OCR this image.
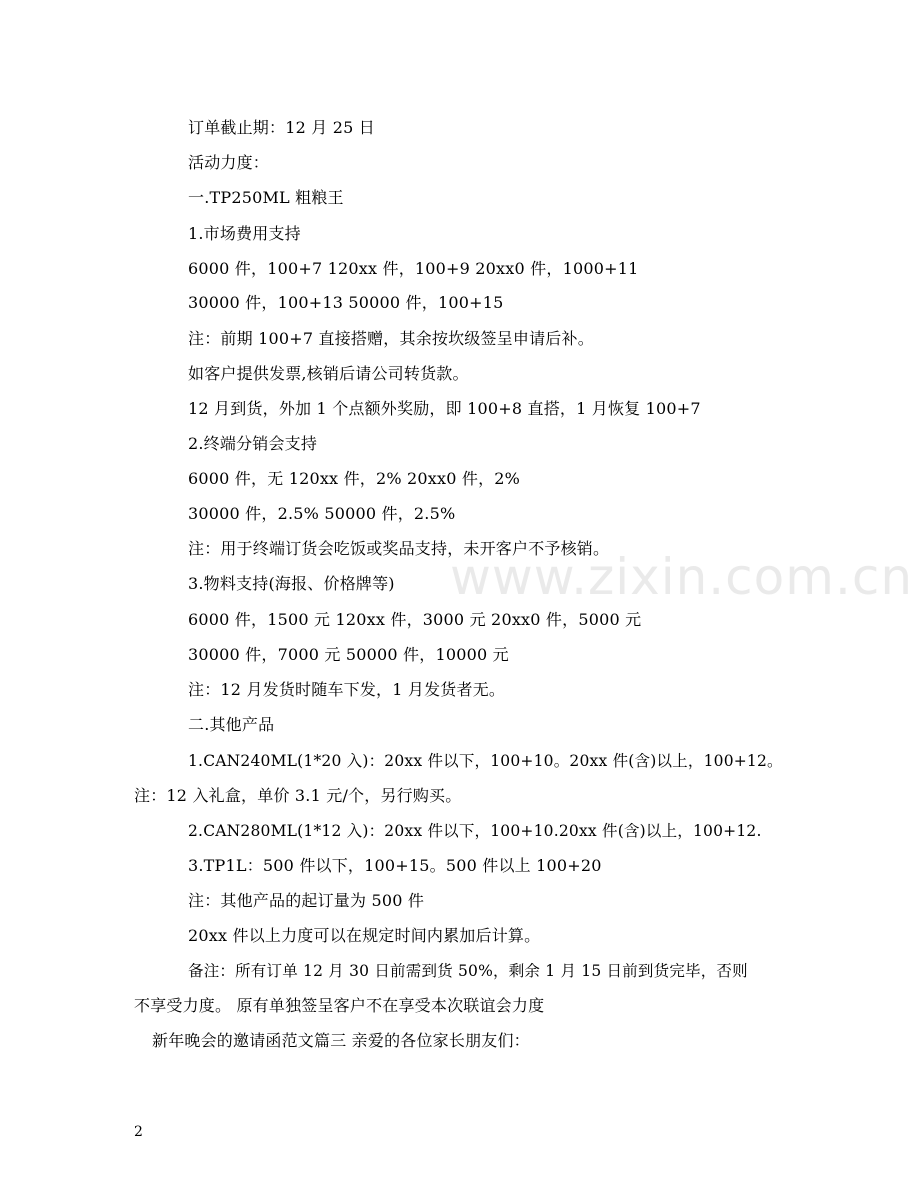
www.zixin.com.cn
订单截止期：12 月 25 日
活动力度：
一.TP250ML 粗粮王
1.市场费用支持
6000 件，100+7 120xx 件，100+9 20xx0 件，1000+11
30000 件，100+13 50000 件，100+15
注：前期 100+7 直接搭赠，其余按坎级签呈申请后补。
如客户提供发票,核销后请公司转货款。
12 月到货，外加 1 个点额外奖励，即 100+8 直搭，1 月恢复 100+7
2.终端分销会支持
6000 件，无 120xx 件，2% 20xx0 件，2%
30000 件，2.5% 50000 件，2.5%
注：用于终端订货会吃饭或奖品支持，未开客户不予核销。
3.物料支持(海报、价格牌等)
6000 件，1500 元 120xx 件，3000 元 20xx0 件，5000 元
30000 件，7000 元 50000 件，10000 元
注：12 月发货时随车下发，1 月发货者无。
二.其他产品
1.CAN240ML(1*20 入)：20xx 件以下，100+10。20xx 件(含)以上，100+12。
注：12 入礼盒，单价 3.1 元/个，另行购买。
2.CAN280ML(1*12 入)：20xx 件以下，100+10.20xx 件(含)以上，100+12.
3.TP1L：500 件以下，100+15。500 件以上 100+20
注：其他产品的起订量为 500 件
20xx 件以上力度可以在规定时间内累加后计算。
备注：所有订单 12 月 30 日前需到货 50%，剩余 1 月 15 日前到货完毕，否则
不享受力度。 原有单独签呈客户不在享受本次联谊会力度
新年晚会的邀请函范文篇三 亲爱的各位家长朋友们：
2
